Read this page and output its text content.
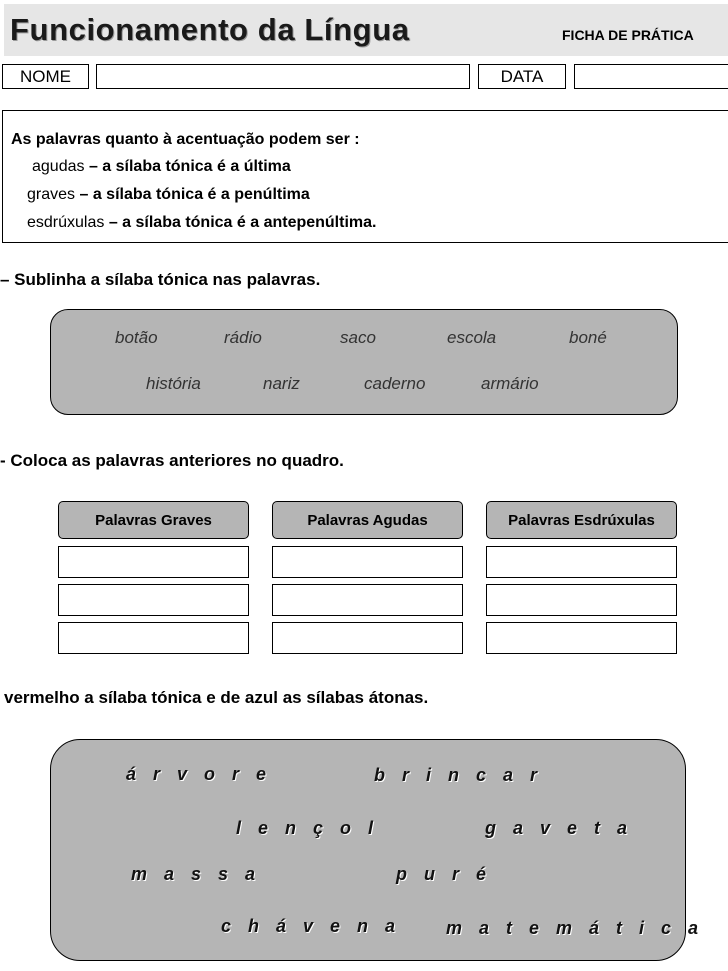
Funcionamento da Língua	FICHA DE PRÁTICA
NOME	DATA
As palavras quanto à acentuação podem ser :
agudas – a sílaba tónica é a última
graves – a sílaba tónica é a penúltima
esdrúxulas – a sílaba tónica é a antepenúltima.
– Sublinha a sílaba tónica nas palavras.
botão	rádio	saco	escola	boné
história	nariz	caderno	armário
- Coloca as palavras anteriores no quadro.
Palavras Graves	Palavras Agudas	Palavras Esdrúxulas
vermelho a sílaba tónica e de azul as sílabas átonas.
á r v o r e	b r i n c a r
l e n ç o l	g a v e t a
m a s s a	p u r é
c h á v e n a m a t e m á t i c a
